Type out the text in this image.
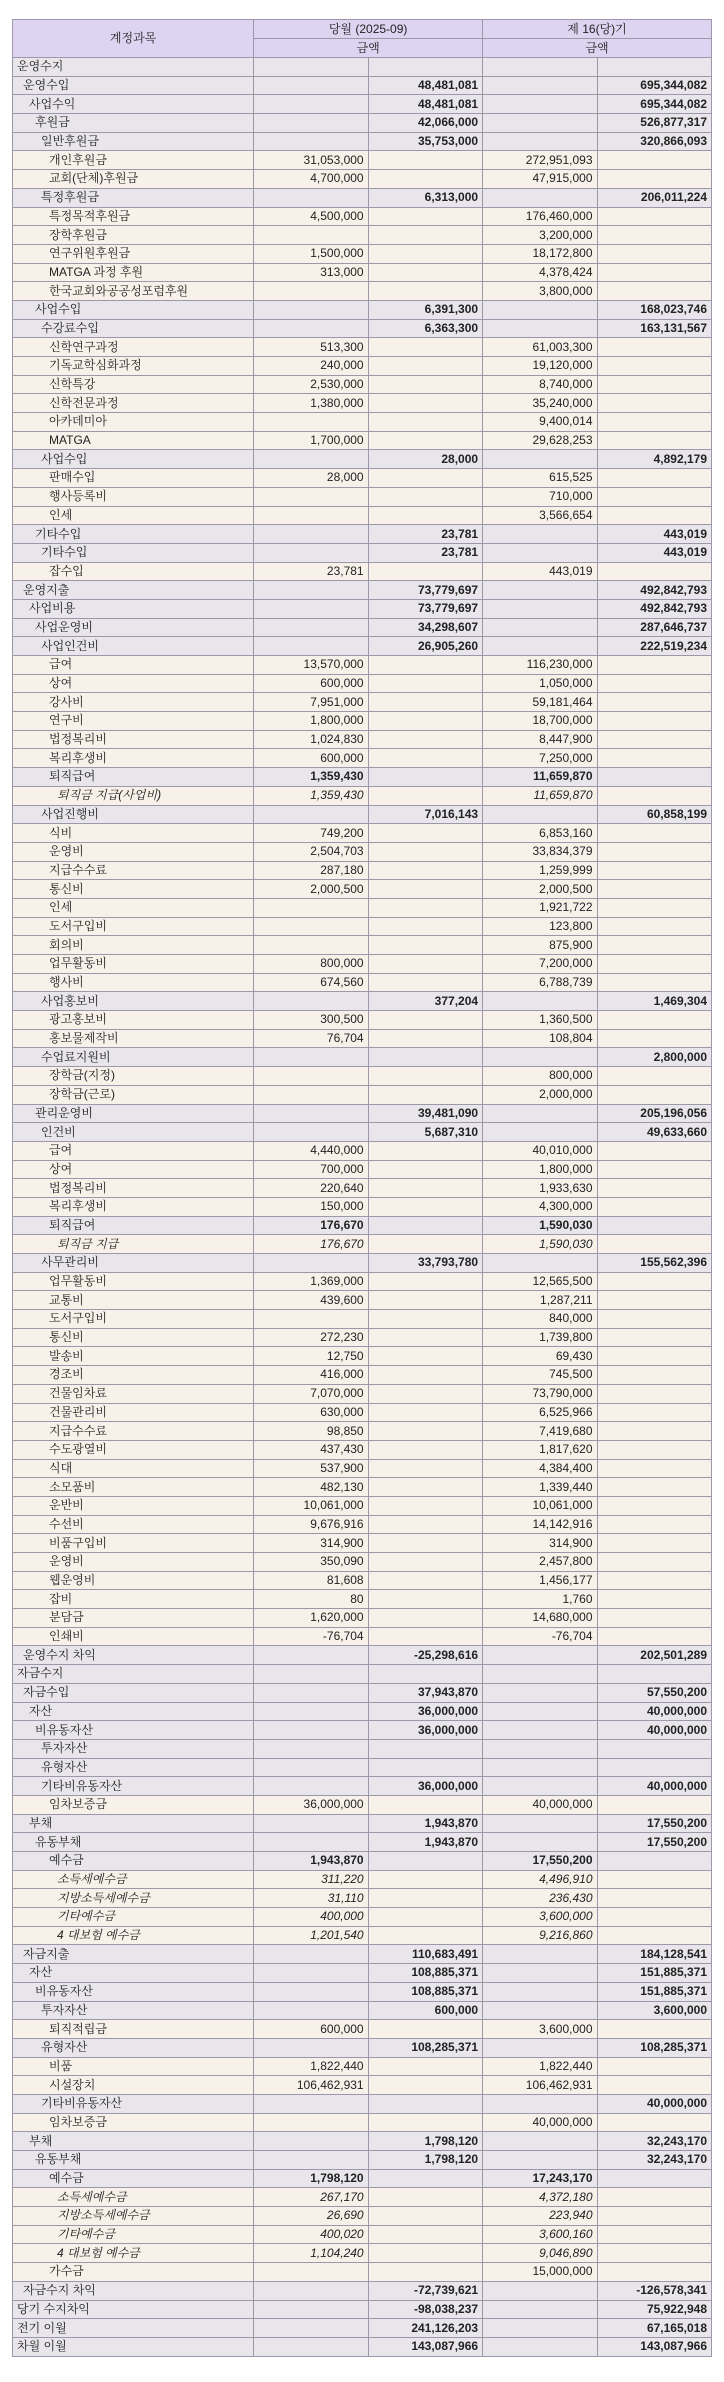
계정과목	당월 (2025-09)		제 16(당)기	
	금액		금액	
운영수지				
운영수입		48,481,081		695,344,082
사업수익		48,481,081		695,344,082
후원금		42,066,000		526,877,317
일반후원금		35,753,000		320,866,093
개인후원금	31,053,000		272,951,093	
교회(단체)후원금	4,700,000		47,915,000	
특정후원금		6,313,000		206,011,224
특정목적후원금	4,500,000		176,460,000	
장학후원금			3,200,000	
연구위원후원금	1,500,000		18,172,800	
MATGA 과정 후원	313,000		4,378,424	
한국교회와공공성포럼후원			3,800,000	
사업수입		6,391,300		168,023,746
수강료수입		6,363,300		163,131,567
신학연구과정	513,300		61,003,300	
기독교학심화과정	240,000		19,120,000	
신학특강	2,530,000		8,740,000	
신학전문과정	1,380,000		35,240,000	
아카데미아			9,400,014	
MATGA	1,700,000		29,628,253	
사업수입		28,000		4,892,179
판매수입	28,000		615,525	
행사등록비			710,000	
인세			3,566,654	
기타수입		23,781		443,019
기타수입		23,781		443,019
잡수입	23,781		443,019	
운영지출		73,779,697		492,842,793
사업비용		73,779,697		492,842,793
사업운영비		34,298,607		287,646,737
사업인건비		26,905,260		222,519,234
급여	13,570,000		116,230,000	
상여	600,000		1,050,000	
강사비	7,951,000		59,181,464	
연구비	1,800,000		18,700,000	
법정복리비	1,024,830		8,447,900	
복리후생비	600,000		7,250,000	
퇴직급여	1,359,430		11,659,870	
퇴직금 지급(사업비)	1,359,430		11,659,870	
사업진행비		7,016,143		60,858,199
식비	749,200		6,853,160	
운영비	2,504,703		33,834,379	
지급수수료	287,180		1,259,999	
통신비	2,000,500		2,000,500	
인세			1,921,722	
도서구입비			123,800	
회의비			875,900	
업무활동비	800,000		7,200,000	
행사비	674,560		6,788,739	
사업홍보비		377,204		1,469,304
광고홍보비	300,500		1,360,500	
홍보물제작비	76,704		108,804	
수업료지원비				2,800,000
장학금(지정)			800,000	
장학금(근로)			2,000,000	
관리운영비		39,481,090		205,196,056
인건비		5,687,310		49,633,660
급여	4,440,000		40,010,000	
상여	700,000		1,800,000	
법정복리비	220,640		1,933,630	
복리후생비	150,000		4,300,000	
퇴직급여	176,670		1,590,030	
퇴직금 지급	176,670		1,590,030	
사무관리비		33,793,780		155,562,396
업무활동비	1,369,000		12,565,500	
교통비	439,600		1,287,211	
도서구입비			840,000	
통신비	272,230		1,739,800	
발송비	12,750		69,430	
경조비	416,000		745,500	
건물임차료	7,070,000		73,790,000	
건물관리비	630,000		6,525,966	
지급수수료	98,850		7,419,680	
수도광열비	437,430		1,817,620	
식대	537,900		4,384,400	
소모품비	482,130		1,339,440	
운반비	10,061,000		10,061,000	
수선비	9,676,916		14,142,916	
비품구입비	314,900		314,900	
운영비	350,090		2,457,800	
웹운영비	81,608		1,456,177	
잡비	80		1,760	
분담금	1,620,000		14,680,000	
인쇄비	-76,704		-76,704	
운영수지 차익		-25,298,616		202,501,289
자금수지				
자금수입		37,943,870		57,550,200
자산		36,000,000		40,000,000
비유동자산		36,000,000		40,000,000
투자자산				
유형자산				
기타비유동자산		36,000,000		40,000,000
임차보증금	36,000,000		40,000,000	
부채		1,943,870		17,550,200
유동부채		1,943,870		17,550,200
예수금	1,943,870		17,550,200	
소득세예수금	311,220		4,496,910	
지방소득세예수금	31,110		236,430	
기타예수금	400,000		3,600,000	
4 대보험 예수금	1,201,540		9,216,860	
자금지출		110,683,491		184,128,541
자산		108,885,371		151,885,371
비유동자산		108,885,371		151,885,371
투자자산		600,000		3,600,000
퇴직적립금	600,000		3,600,000	
유형자산		108,285,371		108,285,371
비품	1,822,440		1,822,440	
시설장치	106,462,931		106,462,931	
기타비유동자산				40,000,000
임차보증금			40,000,000	
부채		1,798,120		32,243,170
유동부채		1,798,120		32,243,170
예수금	1,798,120		17,243,170	
소득세예수금	267,170		4,372,180	
지방소득세예수금	26,690		223,940	
기타예수금	400,020		3,600,160	
4 대보험 예수금	1,104,240		9,046,890	
가수금			15,000,000	
자금수지 차익		-72,739,621		-126,578,341
당기 수지차익		-98,038,237		75,922,948
전기 이월		241,126,203		67,165,018
차월 이월		143,087,966		143,087,966
